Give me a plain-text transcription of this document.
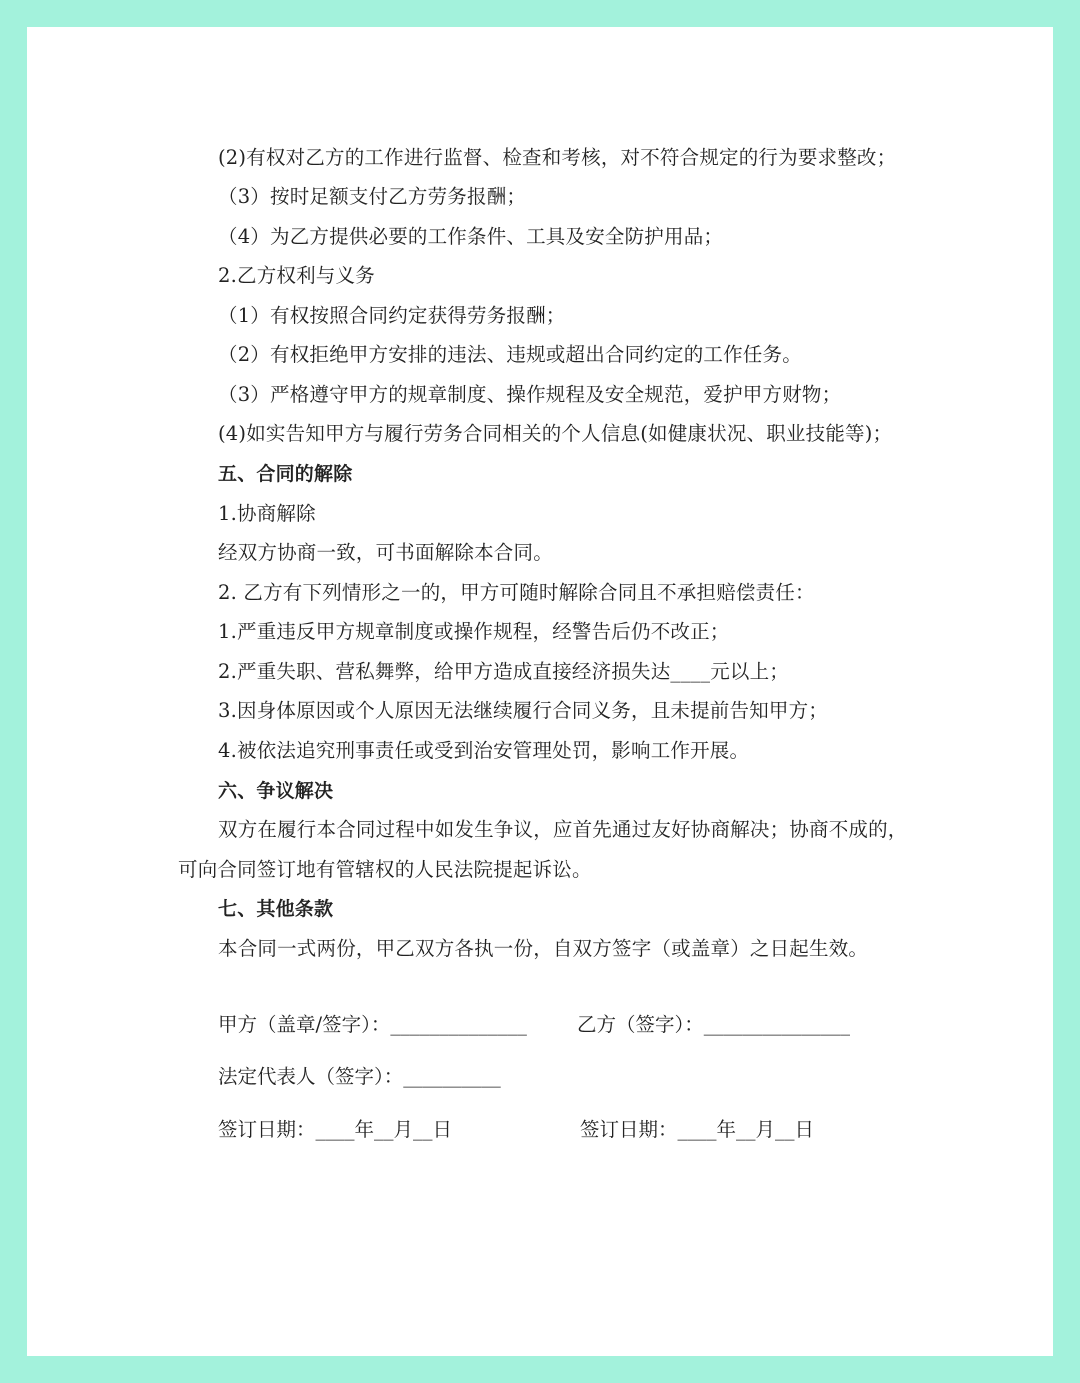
(2)有权对乙方的工作进行监督、检查和考核，对不符合规定的行为要求整改；
（3）按时足额支付乙方劳务报酬；
（4）为乙方提供必要的工作条件、工具及安全防护用品；
2.乙方权利与义务
（1）有权按照合同约定获得劳务报酬；
（2）有权拒绝甲方安排的违法、违规或超出合同约定的工作任务。
（3）严格遵守甲方的规章制度、操作规程及安全规范，爱护甲方财物；
(4)如实告知甲方与履行劳务合同相关的个人信息(如健康状况、职业技能等)；
五、合同的解除
1.协商解除
经双方协商一致，可书面解除本合同。
2. 乙方有下列情形之一的，甲方可随时解除合同且不承担赔偿责任：
1.严重违反甲方规章制度或操作规程，经警告后仍不改正；
2.严重失职、营私舞弊，给甲方造成直接经济损失达____元以上；
3.因身体原因或个人原因无法继续履行合同义务，且未提前告知甲方；
4.被依法追究刑事责任或受到治安管理处罚，影响工作开展。
六、争议解决
双方在履行本合同过程中如发生争议，应首先通过友好协商解决；协商不成的，
可向合同签订地有管辖权的人民法院提起诉讼。
七、其他条款
本合同一式两份，甲乙双方各执一份，自双方签字（或盖章）之日起生效。
甲方（盖章/签字）：______________	乙方（签字）：_______________
法定代表人（签字）：__________
签订日期：____年__月__日	签订日期：____年__月__日
